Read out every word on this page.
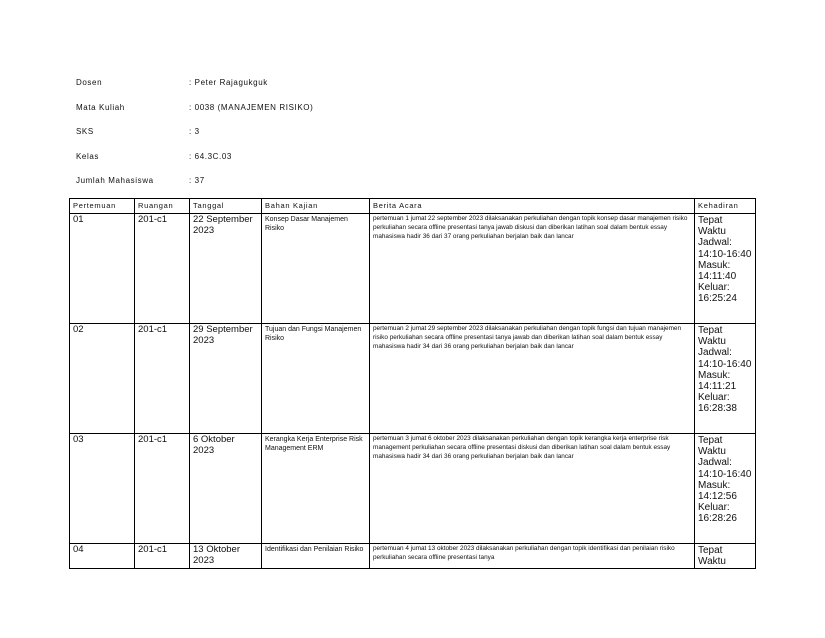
Dosen	: Peter Rajagukguk
Mata Kuliah	: 0038 (MANAJEMEN RISIKO)
SKS	: 3
Kelas	: 64.3C.03
Jumlah Mahasiswa	: 37
Pertemuan	Ruangan	Tanggal	Bahan Kajian	Berita Acara	Kehadiran
01	201-c1	22 September 2023	Konsep Dasar Manajemen Risiko	pertemuan 1 jumat 22 september 2023 dilaksanakan perkuliahan dengan topik konsep dasar manajemen risiko perkuliahan secara offline presentasi tanya jawab diskusi dan diberikan latihan soal dalam bentuk essay mahasiswa hadir 36 dari 37 orang perkuliahan berjalan baik dan lancar	Tepat Waktu Jadwal: 14:10-16:40 Masuk: 14:11:40 Keluar: 16:25:24
02	201-c1	29 September 2023	Tujuan dan Fungsi Manajemen Risiko	pertemuan 2 jumat 29 september 2023 dilaksanakan perkuliahan dengan topik fungsi dan tujuan manajemen risiko perkuliahan secara offline presentasi tanya jawab dan diberikan latihan soal dalam bentuk essay mahasiswa hadir 34 dari 36 orang perkuliahan berjalan baik dan lancar	Tepat Waktu Jadwal: 14:10-16:40 Masuk: 14:11:21 Keluar: 16:28:38
03	201-c1	6 Oktober 2023	Kerangka Kerja Enterprise Risk Management ERM	pertemuan 3 jumat 6 oktober 2023 dilaksanakan perkuliahan dengan topik kerangka kerja enterprise risk management perkuliahan secara offline presentasi diskusi dan diberikan latihan soal dalam bentuk essay mahasiswa hadir 34 dari 36 orang perkuliahan berjalan baik dan lancar	Tepat Waktu Jadwal: 14:10-16:40 Masuk: 14:12:56 Keluar: 16:28:26

04	201-c1	13 Oktober 2023	Identifikasi dan Penilaian Risiko	pertemuan 4 jumat 13 oktober 2023 dilaksanakan perkuliahan dengan topik identifikasi dan penilaian risiko perkuliahan secara offline presentasi tanya	Tepat Waktu
